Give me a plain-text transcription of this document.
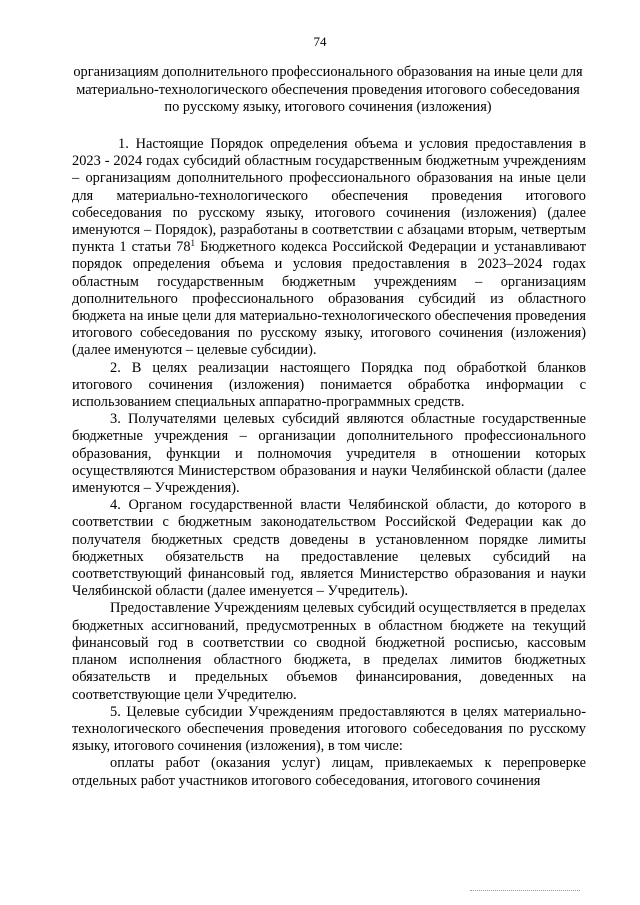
74
организациям дополнительного профессионального образования на иные цели для материально-технологического обеспечения проведения итогового собеседования по русскому языку, итогового сочинения (изложения)

1. Настоящие Порядок определения объема и условия предоставления в 2023 - 2024 годах субсидий областным государственным бюджетным учреждениям – организациям дополнительного профессионального образования на иные цели для материально-технологического обеспечения проведения итогового собеседования по русскому языку, итогового сочинения (изложения) (далее именуются – Порядок), разработаны в соответствии с абзацами вторым, четвертым пункта 1 статьи $78^1$ Бюджетного кодекса Российской Федерации и устанавливают порядок определения объема и условия предоставления в 2023–2024 годах областным государственным бюджетным учреждениям – организациям дополнительного профессионального образования субсидий из областного бюджета на иные цели для материально-технологического обеспечения проведения итогового собеседования по русскому языку, итогового сочинения (изложения) (далее именуются – целевые субсидии).

2. В целях реализации настоящего Порядка под обработкой бланков итогового сочинения (изложения) понимается обработка информации с использованием специальных аппаратно-программных средств.

3. Получателями целевых субсидий являются областные государственные бюджетные учреждения – организации дополнительного профессионального образования, функции и полномочия учредителя в отношении которых осуществляются Министерством образования и науки Челябинской области (далее именуются – Учреждения).

4. Органом государственной власти Челябинской области, до которого в соответствии с бюджетным законодательством Российской Федерации как до получателя бюджетных средств доведены в установленном порядке лимиты бюджетных обязательств на предоставление целевых субсидий на соответствующий финансовый год, является Министерство образования и науки Челябинской области (далее именуется – Учредитель).

Предоставление Учреждениям целевых субсидий осуществляется в пределах бюджетных ассигнований, предусмотренных в областном бюджете на текущий финансовый год в соответствии со сводной бюджетной росписью, кассовым планом исполнения областного бюджета, в пределах лимитов бюджетных обязательств и предельных объемов финансирования, доведенных на соответствующие цели Учредителю.

5. Целевые субсидии Учреждениям предоставляются в целях материально-технологического обеспечения проведения итогового собеседования по русскому языку, итогового сочинения (изложения), в том числе:

оплаты работ (оказания услуг) лицам, привлекаемых к перепроверке отдельных работ участников итогового собеседования, итогового сочинения
